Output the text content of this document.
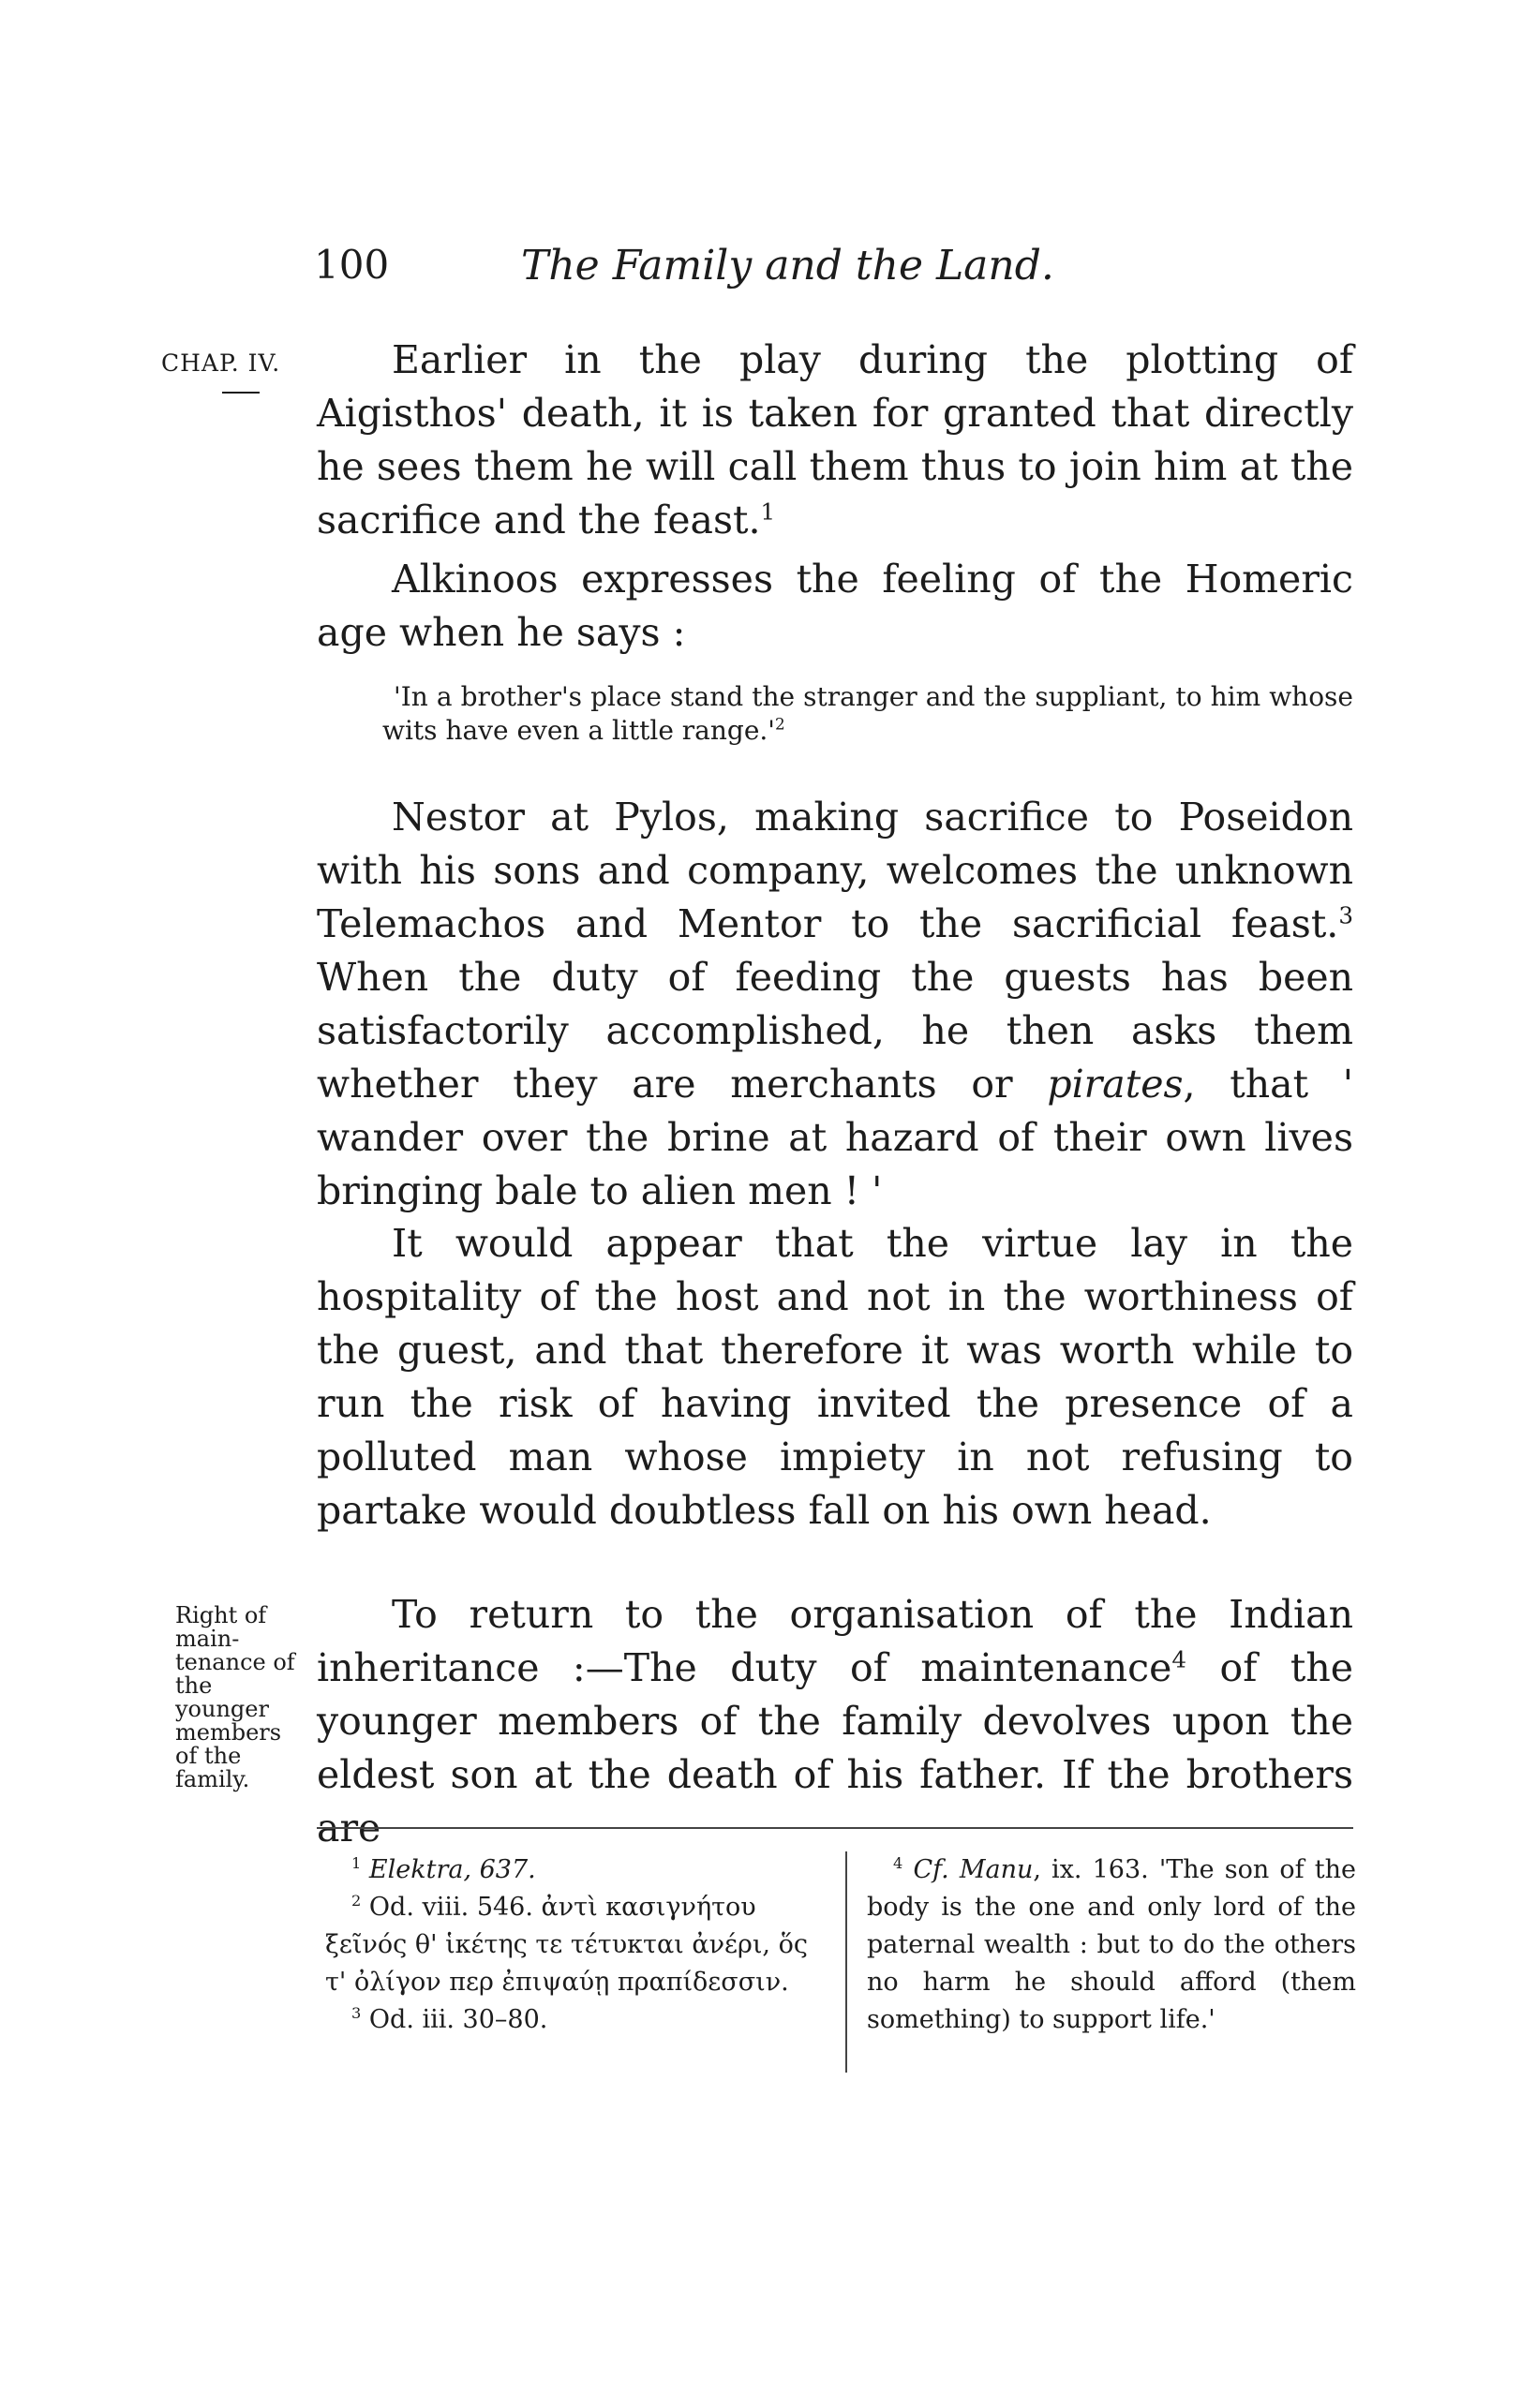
100	The Family and the Land.
CHAP. IV.	Earlier in the play during the plotting of Aigisthos' death, it is taken for granted that directly he sees them he will call them thus to join him at the sacrifice and the feast.$^1$

Alkinoos expresses the feeling of the Homeric age when he says :

'In a brother's place stand the stranger and the suppliant, to him whose wits have even a little $range.'^2$

Nestor at Pylos, making sacrifice to Poseidon with his sons and company, welcomes the unknown Telemachos and Mentor to the sacrificial feast.$^3$ When the duty of feeding the guests has been satisfactorily accomplished, he then asks them whether they are merchants or pirates, that ' wander over the brine at hazard of their own lives bringing bale to alien men ! '

It would appear that the virtue lay in the hospitality of the host and not in the worthiness of the guest, and that therefore it was worth while to run the risk of having invited the presence of a polluted man whose impiety in not refusing to partake would doubtless fall on his own head.

Right of main-tenance of the younger members of the family.

To return to the organisation of the Indian inheritance :—The duty of maintenance$^4$ of the younger members of the family devolves upon the eldest son at the death of his father. If the brothers are

$^1$ Elektra, 637.
$^2$ Od. viii. 546. ἀντὶ κασιγνήτου
ξεῖνός θ' ἱκέτης τε τέτυκται ἀνέρι, ὅς
τ' ὀλίγον περ ἐπιψαύῃ πραπίδεσσιν.
$^3$ Od. iii. 30–80.

$^4$ Cf. Manu, ix. 163. 'The son of the body is the one and only lord of the paternal wealth : but to do the others no harm he should afford (them something) to support life.'
